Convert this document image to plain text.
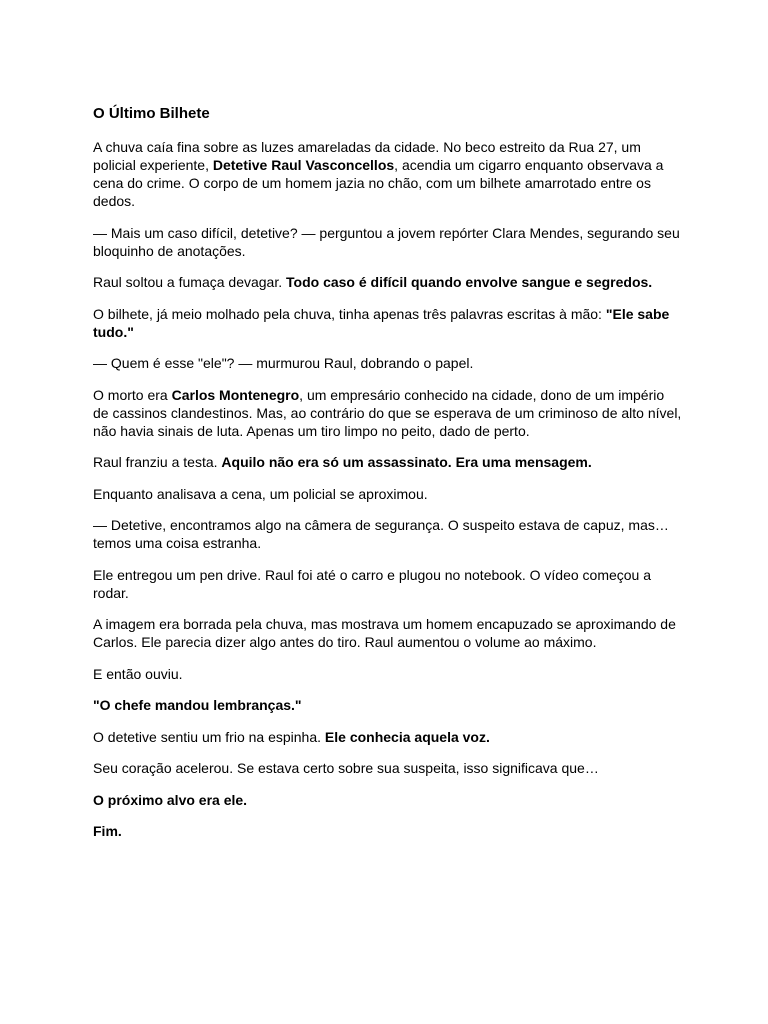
O Último Bilhete

A chuva caía fina sobre as luzes amareladas da cidade. No beco estreito da Rua 27, um policial experiente, Detetive Raul Vasconcellos, acendia um cigarro enquanto observava a cena do crime. O corpo de um homem jazia no chão, com um bilhete amarrotado entre os dedos.

— Mais um caso difícil, detetive? — perguntou a jovem repórter Clara Mendes, segurando seu bloquinho de anotações.

Raul soltou a fumaça devagar. Todo caso é difícil quando envolve sangue e segredos.

O bilhete, já meio molhado pela chuva, tinha apenas três palavras escritas à mão: "Ele sabe tudo."

— Quem é esse "ele"? — murmurou Raul, dobrando o papel.

O morto era Carlos Montenegro, um empresário conhecido na cidade, dono de um império de cassinos clandestinos. Mas, ao contrário do que se esperava de um criminoso de alto nível, não havia sinais de luta. Apenas um tiro limpo no peito, dado de perto.

Raul franziu a testa. Aquilo não era só um assassinato. Era uma mensagem.

Enquanto analisava a cena, um policial se aproximou.

— Detetive, encontramos algo na câmera de segurança. O suspeito estava de capuz, mas… temos uma coisa estranha.

Ele entregou um pen drive. Raul foi até o carro e plugou no notebook. O vídeo começou a rodar.

A imagem era borrada pela chuva, mas mostrava um homem encapuzado se aproximando de Carlos. Ele parecia dizer algo antes do tiro. Raul aumentou o volume ao máximo.

E então ouviu.

"O chefe mandou lembranças."

O detetive sentiu um frio na espinha. Ele conhecia aquela voz.

Seu coração acelerou. Se estava certo sobre sua suspeita, isso significava que…

O próximo alvo era ele.

Fim.
